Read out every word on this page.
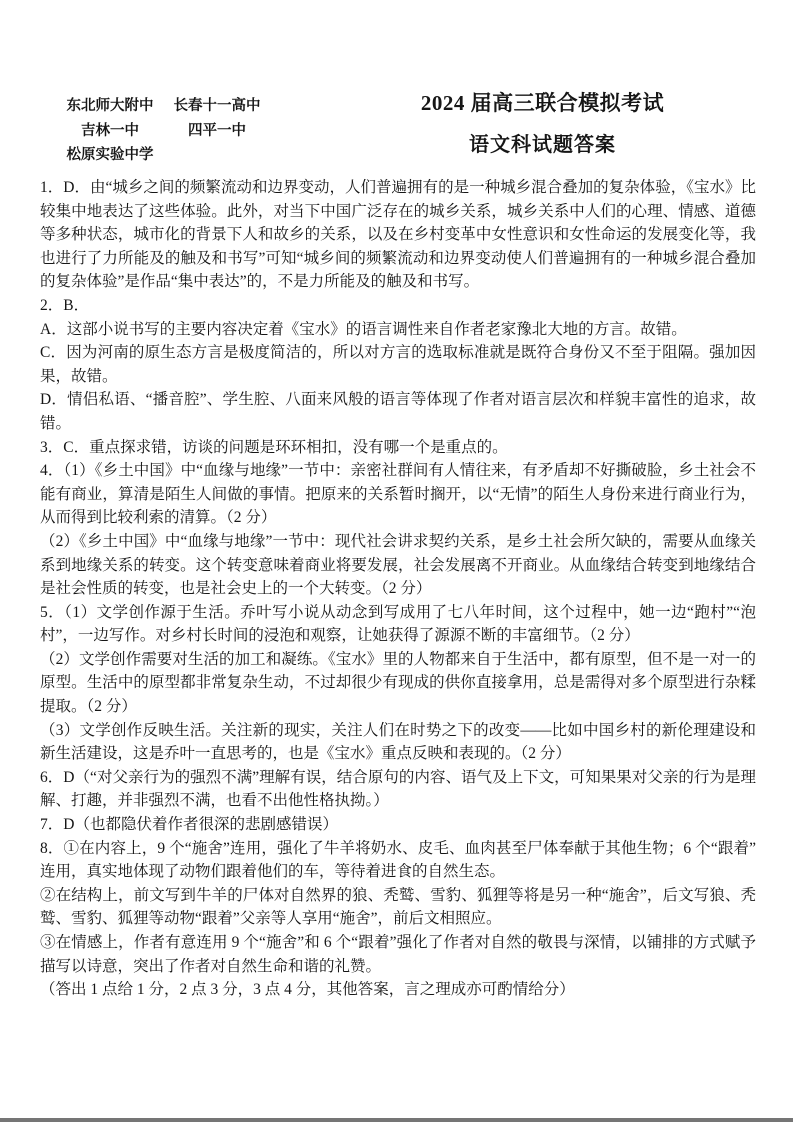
东北师大附中
吉林一中
松原实验中学
长春十一高中
四平一中
2024 届高三联合模拟考试
语文科试题答案

1．D．由“城乡之间的频繁流动和边界变动，人们普遍拥有的是一种城乡混合叠加的复杂体验，《宝水》比较集中地表达了这些体验。此外，对当下中国广泛存在的城乡关系，城乡关系中人们的心理、情感、道德等多种状态，城市化的背景下人和故乡的关系，以及在乡村变革中女性意识和女性命运的发展变化等，我也进行了力所能及的触及和书写”可知“城乡间的频繁流动和边界变动使人们普遍拥有的一种城乡混合叠加的复杂体验”是作品“集中表达”的，不是力所能及的触及和书写。

2．B．

A．这部小说书写的主要内容决定着《宝水》的语言调性来自作者老家豫北大地的方言。故错。

C．因为河南的原生态方言是极度简洁的，所以对方言的选取标准就是既符合身份又不至于阻隔。强加因果，故错。

D．情侣私语、“播音腔”、学生腔、八面来风般的语言等体现了作者对语言层次和样貌丰富性的追求，故错。

3．C．重点探求错，访谈的问题是环环相扣，没有哪一个是重点的。

4．（1）《乡土中国》中“血缘与地缘”一节中：亲密社群间有人情往来，有矛盾却不好撕破脸，乡土社会不能有商业，算清是陌生人间做的事情。把原来的关系暂时搁开，以“无情”的陌生人身份来进行商业行为，从而得到比较利索的清算。（2 分）

（2）《乡土中国》中“血缘与地缘”一节中：现代社会讲求契约关系，是乡土社会所欠缺的，需要从血缘关系到地缘关系的转变。这个转变意味着商业将要发展，社会发展离不开商业。从血缘结合转变到地缘结合是社会性质的转变，也是社会史上的一个大转变。（2 分）

5．（1）文学创作源于生活。乔叶写小说从动念到写成用了七八年时间，这个过程中，她一边“跑村”“泡村”，一边写作。对乡村长时间的浸泡和观察，让她获得了源源不断的丰富细节。（2 分）

（2）文学创作需要对生活的加工和凝练。《宝水》里的人物都来自于生活中，都有原型，但不是一对一的原型。生活中的原型都非常复杂生动，不过却很少有现成的供你直接拿用，总是需得对多个原型进行杂糅提取。（2 分）

（3）文学创作反映生活。关注新的现实，关注人们在时势之下的改变——比如中国乡村的新伦理建设和新生活建设，这是乔叶一直思考的，也是《宝水》重点反映和表现的。（2 分）

6．D（“对父亲行为的强烈不满”理解有误，结合原句的内容、语气及上下文，可知果果对父亲的行为是理解、打趣，并非强烈不满，也看不出他性格执拗。）

7．D（也都隐伏着作者很深的悲剧感错误）

8．①在内容上，9 个“施舍”连用，强化了牛羊将奶水、皮毛、血肉甚至尸体奉献于其他生物；6 个“跟着”连用，真实地体现了动物们跟着他们的车，等待着进食的自然生态。

②在结构上，前文写到牛羊的尸体对自然界的狼、秃鹫、雪豹、狐狸等将是另一种“施舍”，后文写狼、秃鹫、雪豹、狐狸等动物“跟着”父亲等人享用“施舍”，前后文相照应。

③在情感上，作者有意连用 9 个“施舍”和 6 个“跟着”强化了作者对自然的敬畏与深情，以铺排的方式赋予描写以诗意，突出了作者对自然生命和谐的礼赞。

（答出 1 点给 1 分，2 点 3 分，3 点 4 分，其他答案，言之理成亦可酌情给分）
